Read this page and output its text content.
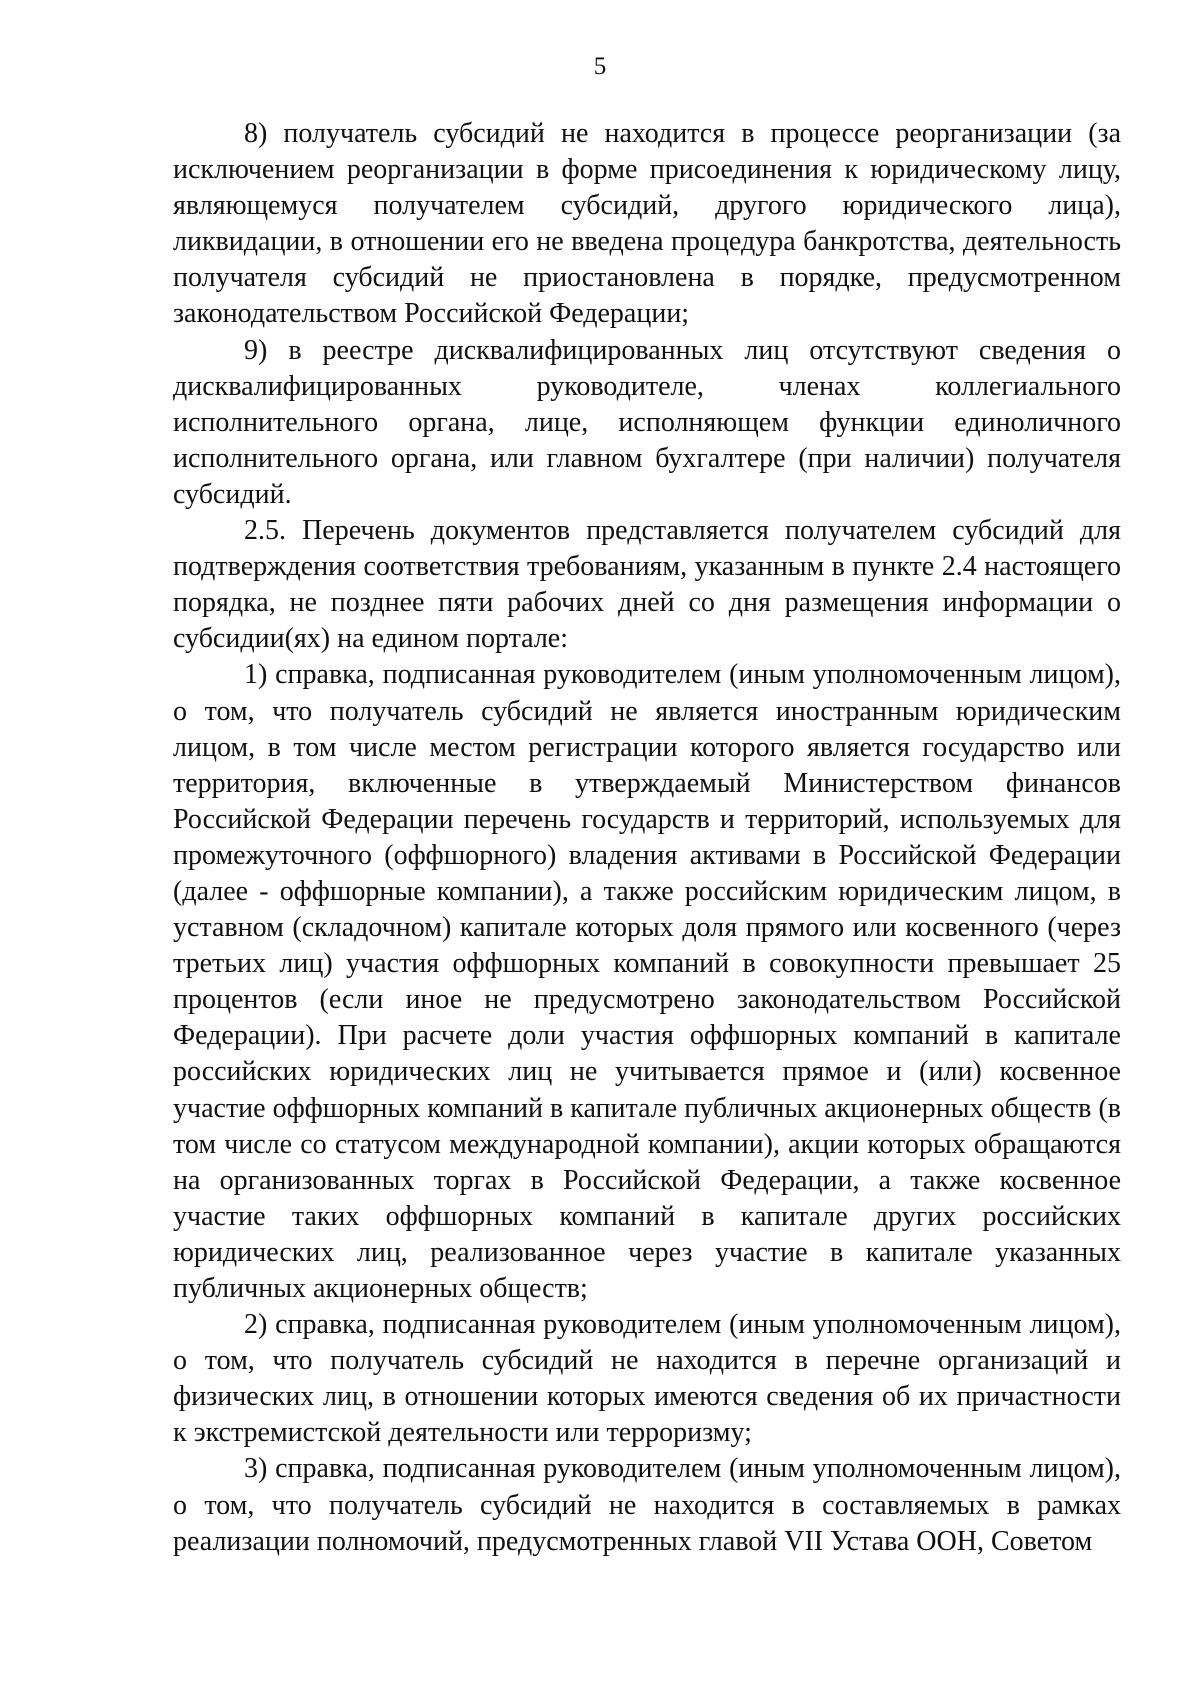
5

8) получатель субсидий не находится в процессе реорганизации (за исключением реорганизации в форме присоединения к юридическому лицу, являющемуся получателем субсидий, другого юридического лица), ликвидации, в отношении его не введена процедура банкротства, деятельность получателя субсидий не приостановлена в порядке, предусмотренном законодательством Российской Федерации;

9) в реестре дисквалифицированных лиц отсутствуют сведения о дисквалифицированных руководителе, членах коллегиального исполнительного органа, лице, исполняющем функции единоличного исполнительного органа, или главном бухгалтере (при наличии) получателя субсидий.

2.5. Перечень документов представляется получателем субсидий для подтверждения соответствия требованиям, указанным в пункте 2.4 настоящего порядка, не позднее пяти рабочих дней со дня размещения информации о субсидии(ях) на едином портале:

1) справка, подписанная руководителем (иным уполномоченным лицом), о том, что получатель субсидий не является иностранным юридическим лицом, в том числе местом регистрации которого является государство или территория, включенные в утверждаемый Министерством финансов Российской Федерации перечень государств и территорий, используемых для промежуточного (оффшорного) владения активами в Российской Федерации (далее - оффшорные компании), а также российским юридическим лицом, в уставном (складочном) капитале которых доля прямого или косвенного (через третьих лиц) участия оффшорных компаний в совокупности превышает 25 процентов (если иное не предусмотрено законодательством Российской Федерации). При расчете доли участия оффшорных компаний в капитале российских юридических лиц не учитывается прямое и (или) косвенное участие оффшорных компаний в капитале публичных акционерных обществ (в том числе со статусом международной компании), акции которых обращаются на организованных торгах в Российской Федерации, а также косвенное участие таких оффшорных компаний в капитале других российских юридических лиц, реализованное через участие в капитале указанных публичных акционерных обществ;

2) справка, подписанная руководителем (иным уполномоченным лицом), о том, что получатель субсидий не находится в перечне организаций и физических лиц, в отношении которых имеются сведения об их причастности к экстремистской деятельности или терроризму;

3) справка, подписанная руководителем (иным уполномоченным лицом), о том, что получатель субсидий не находится в составляемых в рамках реализации полномочий, предусмотренных главой VII Устава ООН, Советом
